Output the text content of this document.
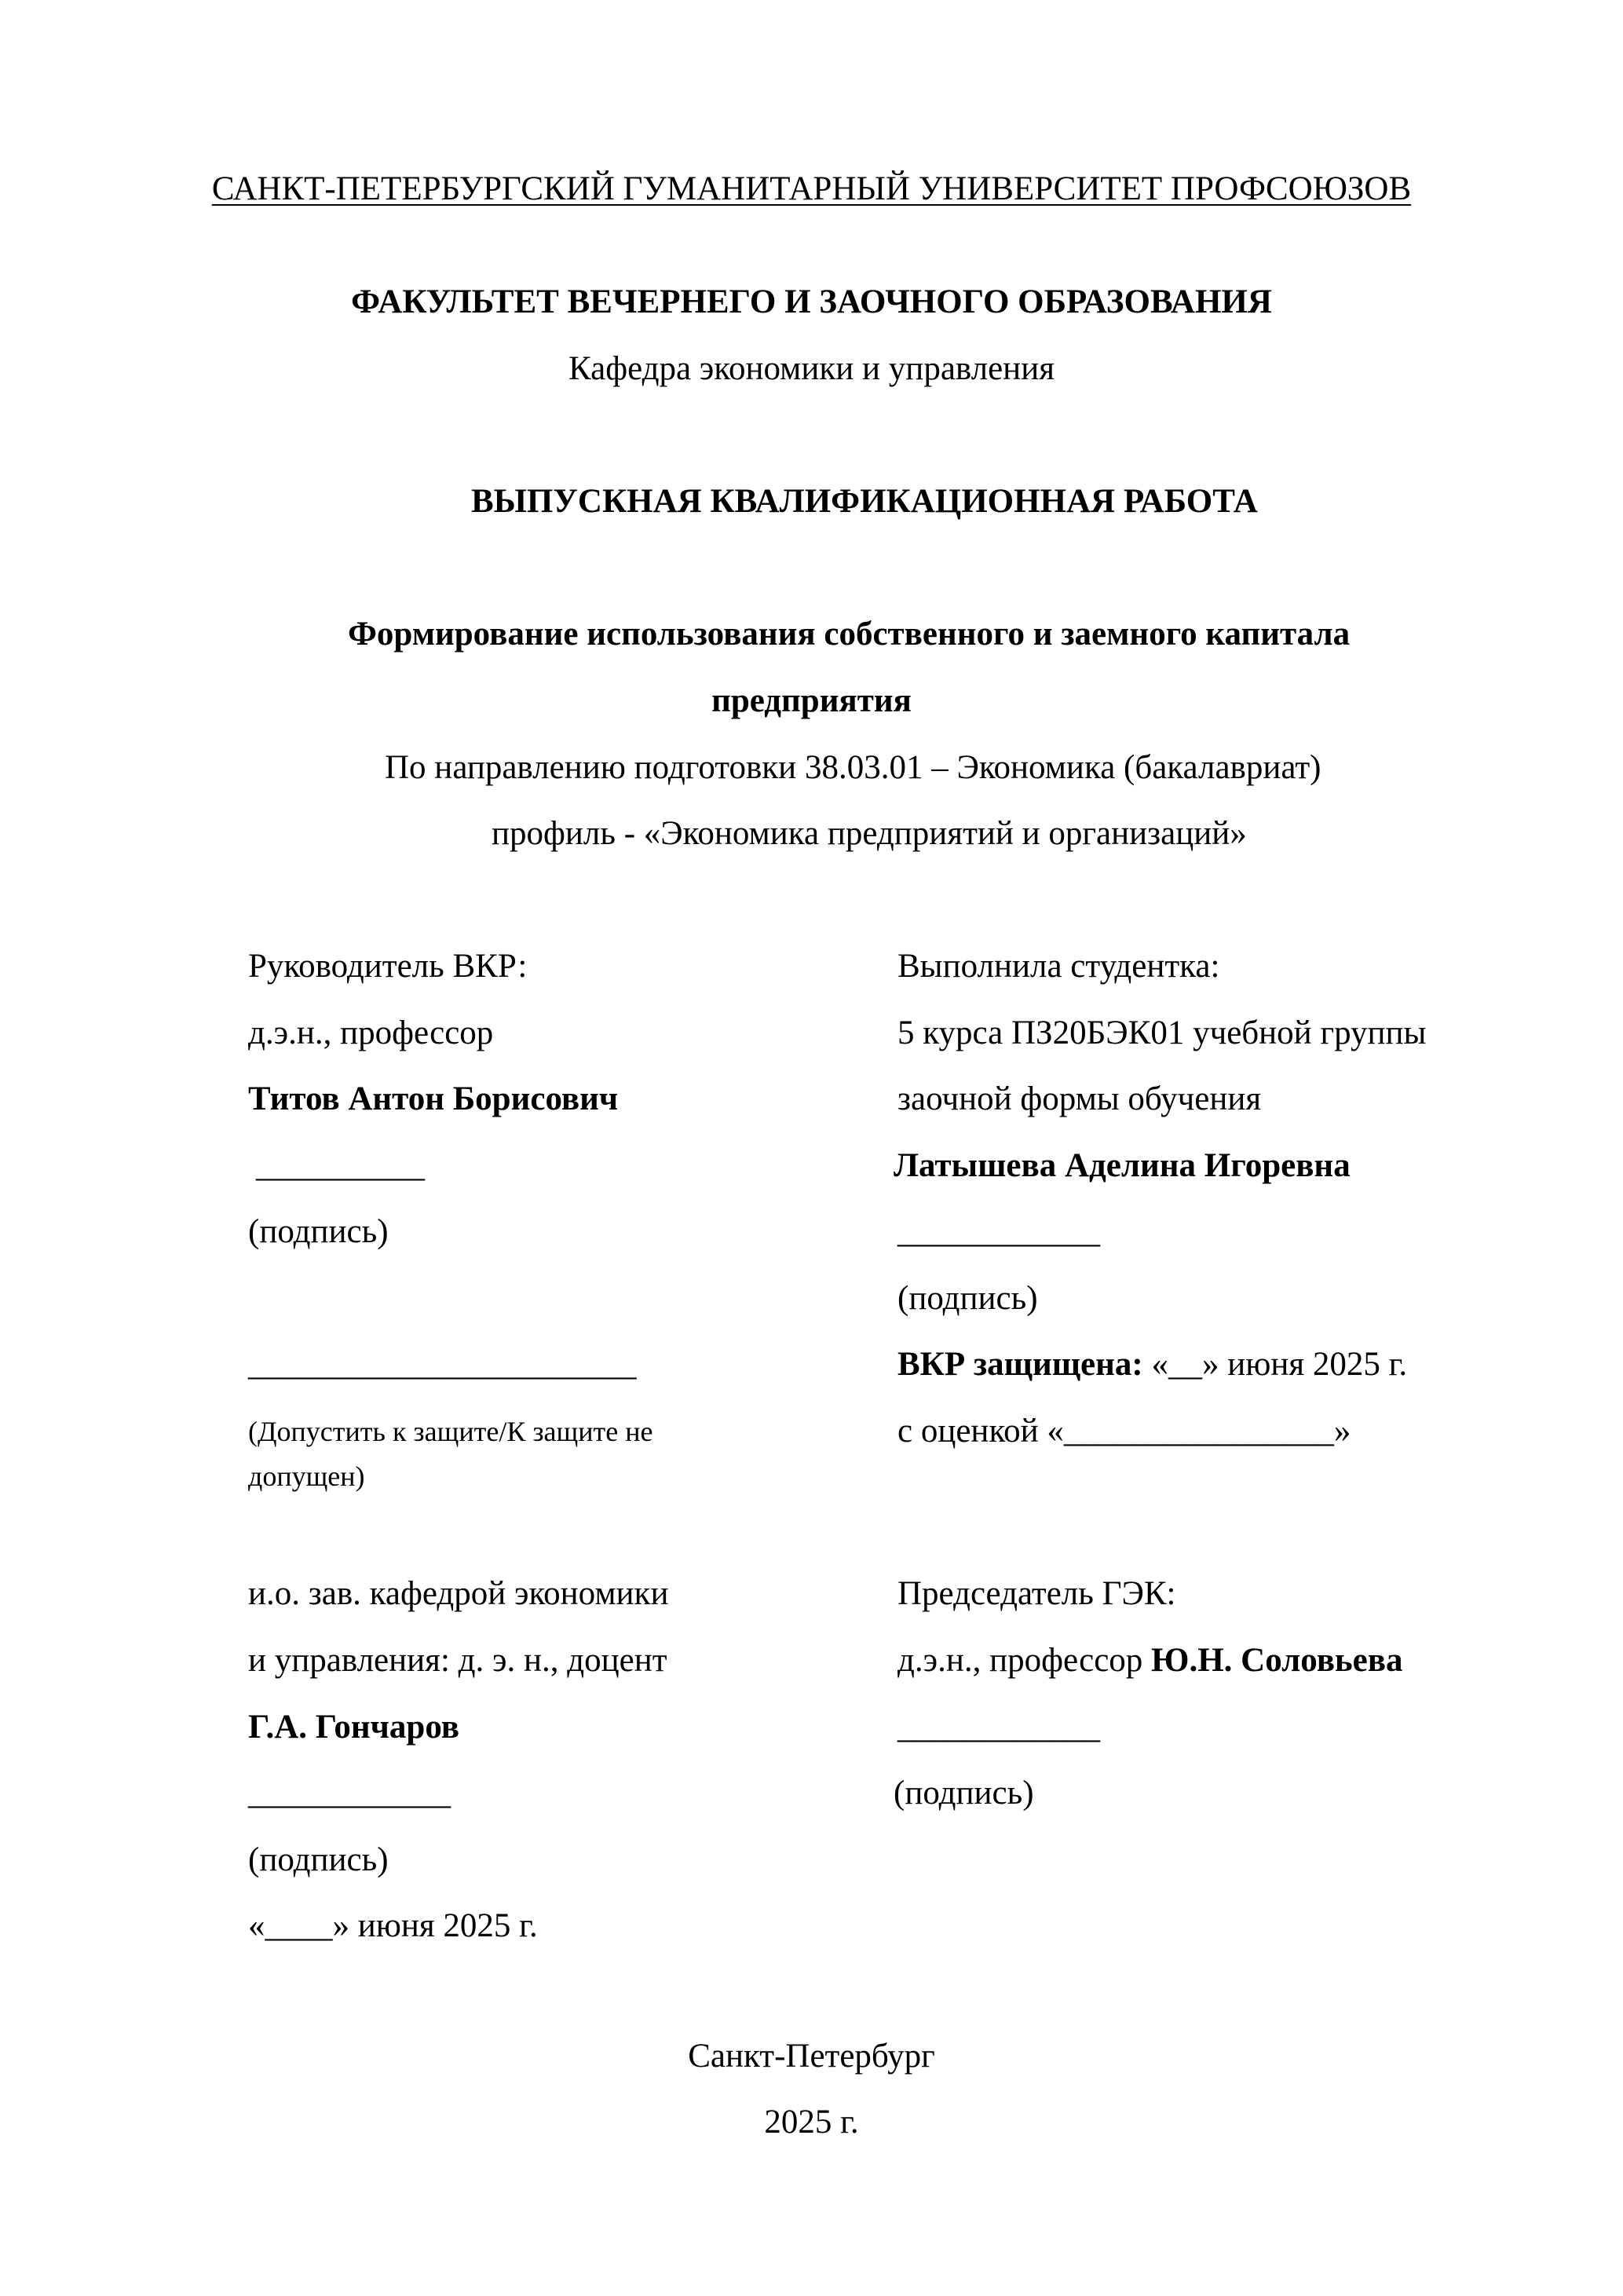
САНКТ-ПЕТЕРБУРГСКИЙ ГУМАНИТАРНЫЙ УНИВЕРСИТЕТ ПРОФСОЮЗОВ
ФАКУЛЬТЕТ ВЕЧЕРНЕГО И ЗАОЧНОГО ОБРАЗОВАНИЯ
Кафедра экономики и управления
ВЫПУСКНАЯ КВАЛИФИКАЦИОННАЯ РАБОТА
Формирование использования собственного и заемного капитала
предприятия
По направлению подготовки 38.03.01 – Экономика (бакалавриат)
профиль - «Экономика предприятий и организаций»
Руководитель ВКР:
д.э.н., профессор
Титов Антон Борисович
__________
(подпись)
_______________________
(Допустить к защите/К защите не
допущен)
и.о. зав. кафедрой экономики
и управления: д. э. н., доцент
Г.А. Гончаров
____________
(подпись)
«____» июня 2025 г.
Выполнила студентка:
5 курса ПЗ20БЭК01 учебной группы
заочной формы обучения
Латышева Аделина Игоревна
____________
(подпись)
ВКР защищена: «__» июня 2025 г.
с оценкой «________________»
Председатель ГЭК:
д.э.н., профессор Ю.Н. Соловьева
____________
(подпись)
Санкт-Петербург
2025 г.
